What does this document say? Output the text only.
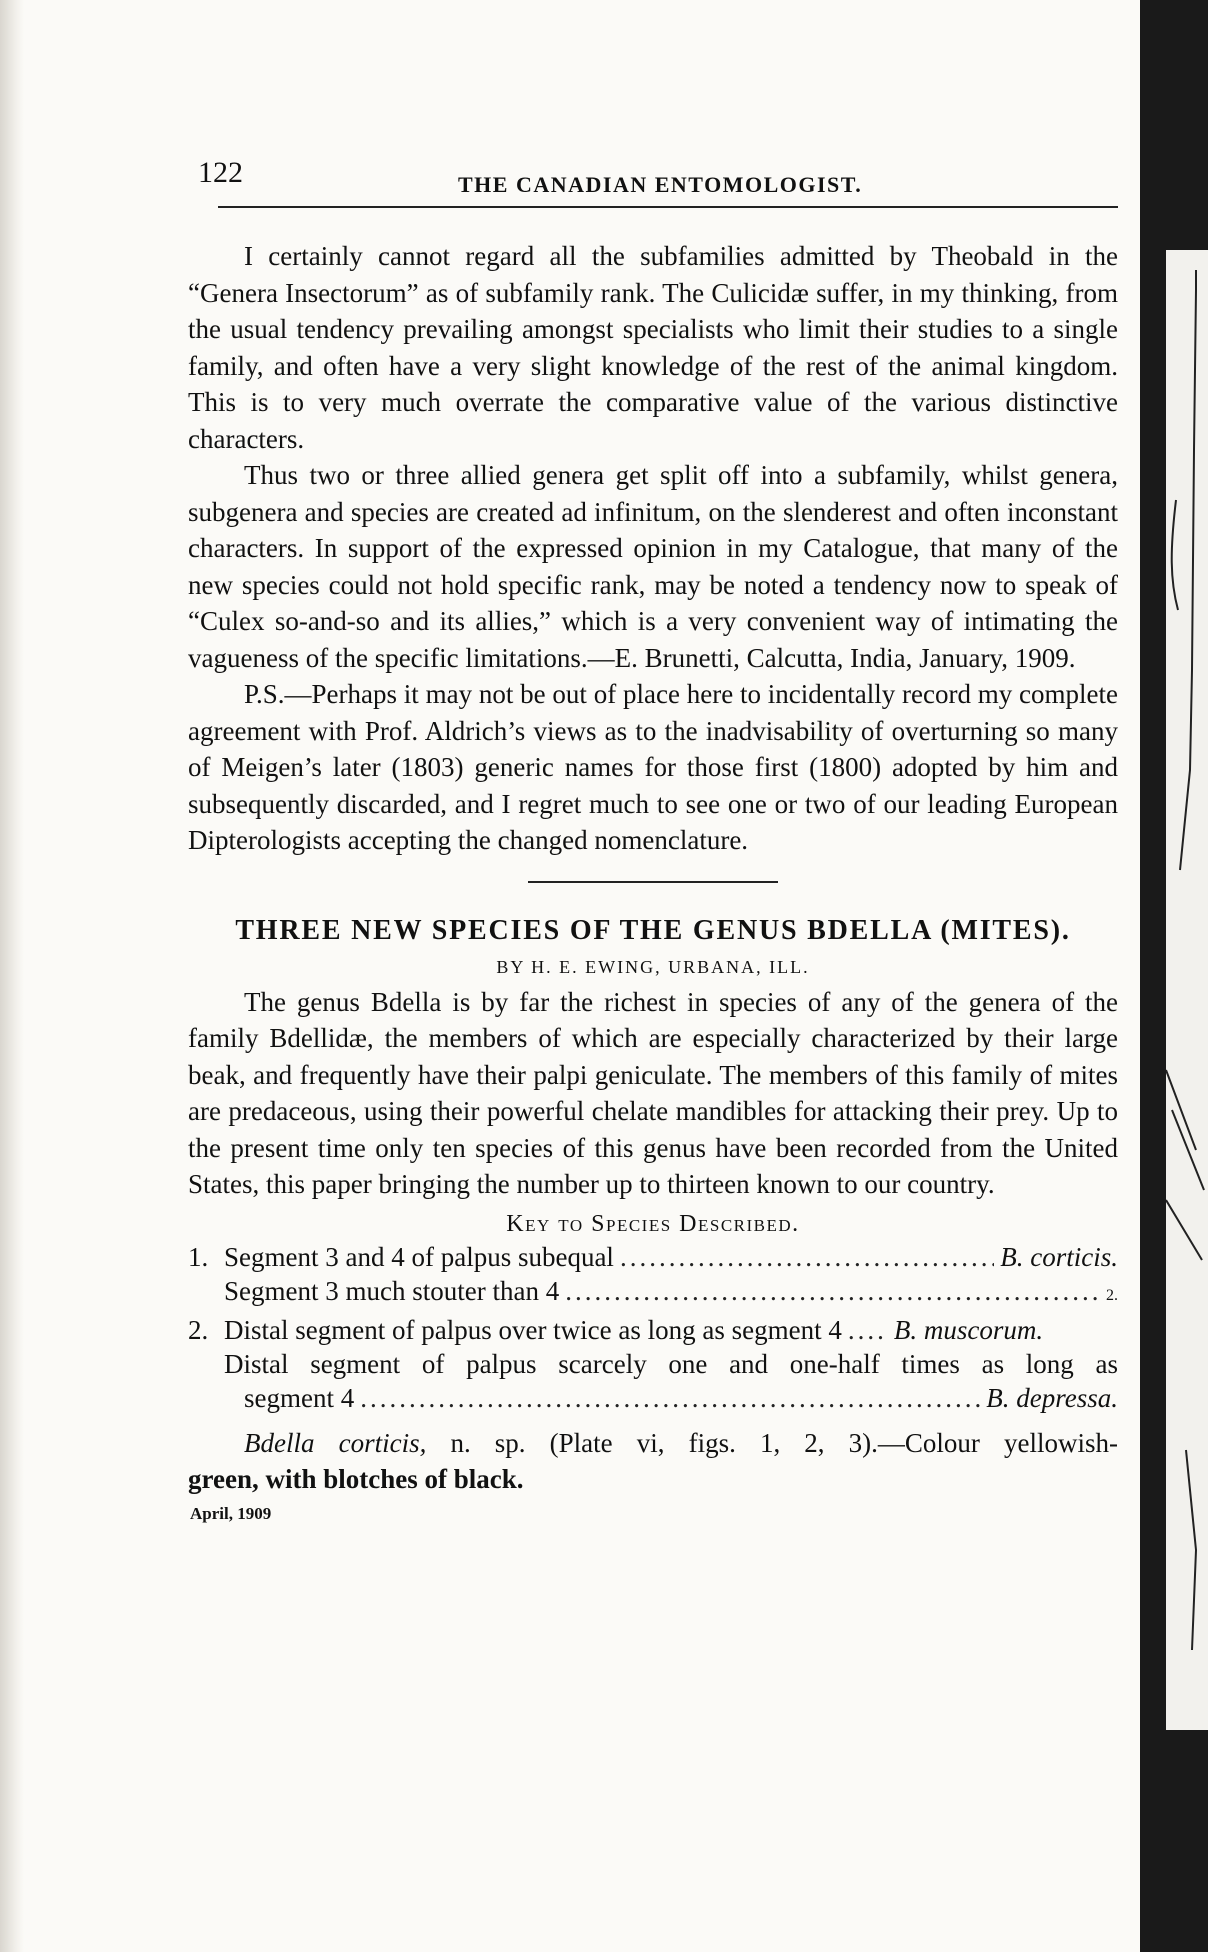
122	THE CANADIAN ENTOMOLOGIST.

I certainly cannot regard all the subfamilies admitted by Theobald in the “Genera Insectorum” as of subfamily rank. The Culicidæ suffer, in my thinking, from the usual tendency prevailing amongst specialists who limit their studies to a single family, and often have a very slight knowledge of the rest of the animal kingdom. This is to very much overrate the comparative value of the various distinctive characters.

Thus two or three allied genera get split off into a subfamily, whilst genera, subgenera and species are created ad infinitum, on the slenderest and often inconstant characters. In support of the expressed opinion in my Catalogue, that many of the new species could not hold specific rank, may be noted a tendency now to speak of “Culex so-and-so and its allies,” which is a very convenient way of intimating the vagueness of the specific limitations.—E. Brunetti, Calcutta, India, January, 1909.

P.S.—Perhaps it may not be out of place here to incidentally record my complete agreement with Prof. Aldrich’s views as to the inadvisability of overturning so many of Meigen’s later (1803) generic names for those first (1800) adopted by him and subsequently discarded, and I regret much to see one or two of our leading European Dipterologists accepting the changed nomenclature.

THREE NEW SPECIES OF THE GENUS BDELLA (MITES).
BY H. E. EWING, URBANA, ILL.

The genus Bdella is by far the richest in species of any of the genera of the family Bdellidæ, the members of which are especially characterized by their large beak, and frequently have their palpi geniculate. The members of this family of mites are predaceous, using their powerful chelate mandibles for attacking their prey. Up to the present time only ten species of this genus have been recorded from the United States, this paper bringing the number up to thirteen known to our country.

Key to Species Described.
1. Segment 3 and 4 of palpus subequal .....	B. corticis.
Segment 3 much stouter than 4 .....	2.
2. Distal segment of palpus over twice as long as segment 4 ..... B. muscorum.
Distal segment of palpus scarcely one and one-half times as long as
segment 4 .....	B. depressa.

Bdella corticis, n. sp. (Plate vi, figs. 1, 2, 3).—Colour yellowish-

green, with blotches of black.

April, 1909
